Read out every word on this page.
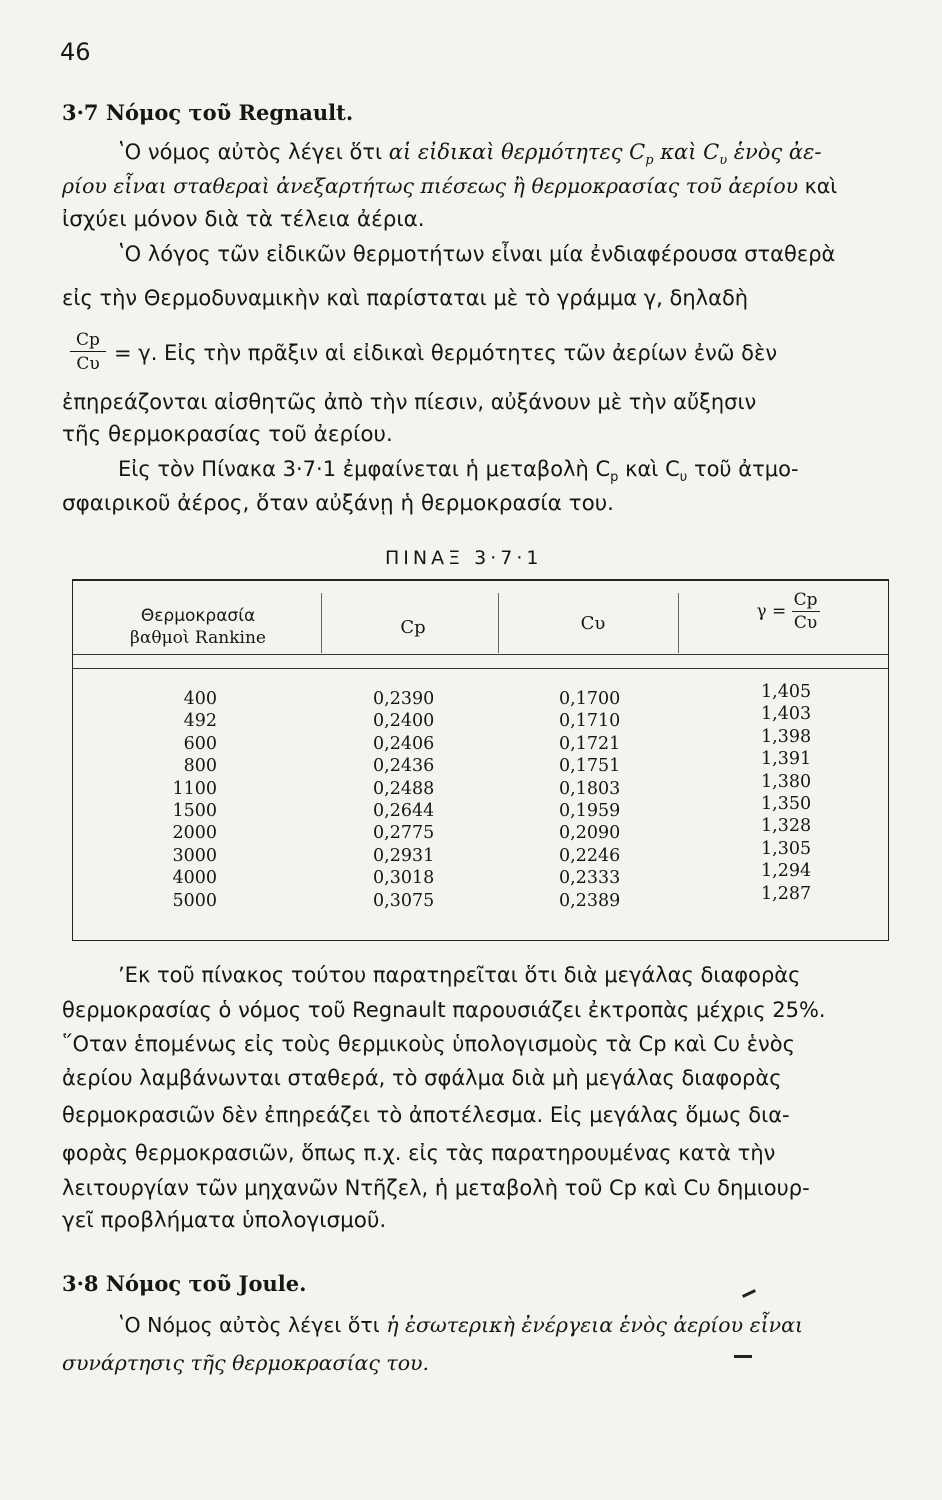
46
3·7 Νόμος τοῦ Regnault.
ʽΟ νόμος αὐτὸς λέγει ὅτι αἱ εἰδικαὶ θερμότητες $C_p$ καὶ $C_\upsilon$ ἑνὸς ἀε-
ρίου εἶναι σταθεραὶ ἀνεξαρτήτως πιέσεως ἢ θερμοκρασίας τοῦ ἀερίου καὶ
ἰσχύει μόνον διὰ τὰ τέλεια ἀέρια.
ʽΟ λόγος τῶν εἰδικῶν θερμοτήτων εἶναι μία ἐνδιαφέρουσα σταθερὰ
εἰς τὴν Θερμοδυναμικὴν καὶ παρίσταται μὲ τὸ γράμμα γ, δηλαδὴ
$\frac{Cp}{C\upsilon} = \gamma$. Εἰς τὴν πρᾶξιν αἱ εἰδικαὶ θερμότητες τῶν ἀερίων ἐνῶ δὲν
ἐπηρεάζονται αἰσθητῶς ἀπὸ τὴν πίεσιν, αὐξάνουν μὲ τὴν αὔξησιν
τῆς θερμοκρασίας τοῦ ἀερίου.
Εἰς τὸν Πίνακα 3·7·1 ἐμφαίνεται ἡ μεταβολὴ $C_p$ καὶ $C_\upsilon$ τοῦ ἀτμο-
σφαιρικοῦ ἀέρος, ὅταν αὐξάνῃ ἡ θερμοκρασία του.
ΠΙΝΑΞ 3·7·1
Θερμοκρασία
βαθμοὶ Rankine	Cp	Cυ
$\gamma = \frac{Cp}{C\upsilon}$
400
492
600
800
1100
1500
2000
3000
4000
5000
0,2390
0,2400
0,2406
0,2436
0,2488
0,2644
0,2775
0,2931
0,3018
0,3075
0,1700
0,1710
0,1721
0,1751
0,1803
0,1959
0,2090
0,2246
0,2333
0,2389
1,405
1,403
1,398
1,391
1,380
1,350
1,328
1,305
1,294
1,287
ʼΕκ τοῦ πίνακος τούτου παρατηρεῖται ὅτι διὰ μεγάλας διαφορὰς
θερμοκρασίας ὁ νόμος τοῦ Regnault παρουσιάζει ἐκτροπὰς μέχρις 25%.
῞Οταν ἑπομένως εἰς τοὺς θερμικοὺς ὑπολογισμοὺς τὰ Cp καὶ Cυ ἑνὸς
ἀερίου λαμβάνωνται σταθερά, τὸ σφάλμα διὰ μὴ μεγάλας διαφορὰς
θερμοκρασιῶν δὲν ἐπηρεάζει τὸ ἀποτέλεσμα. Εἰς μεγάλας ὅμως δια-
φορὰς θερμοκρασιῶν, ὅπως π.χ. εἰς τὰς παρατηρουμένας κατὰ τὴν
λειτουργίαν τῶν μηχανῶν Ντῆζελ, ἡ μεταβολὴ τοῦ Cp καὶ Cυ δημιουρ-
γεῖ προβλήματα ὑπολογισμοῦ.
3·8 Νόμος τοῦ Joule.
ʽΟ Νόμος αὐτὸς λέγει ὅτι ἡ ἐσωτερικὴ ἐνέργεια ἑνὸς ἀερίου εἶναι
συνάρτησις τῆς θερμοκρασίας του.
